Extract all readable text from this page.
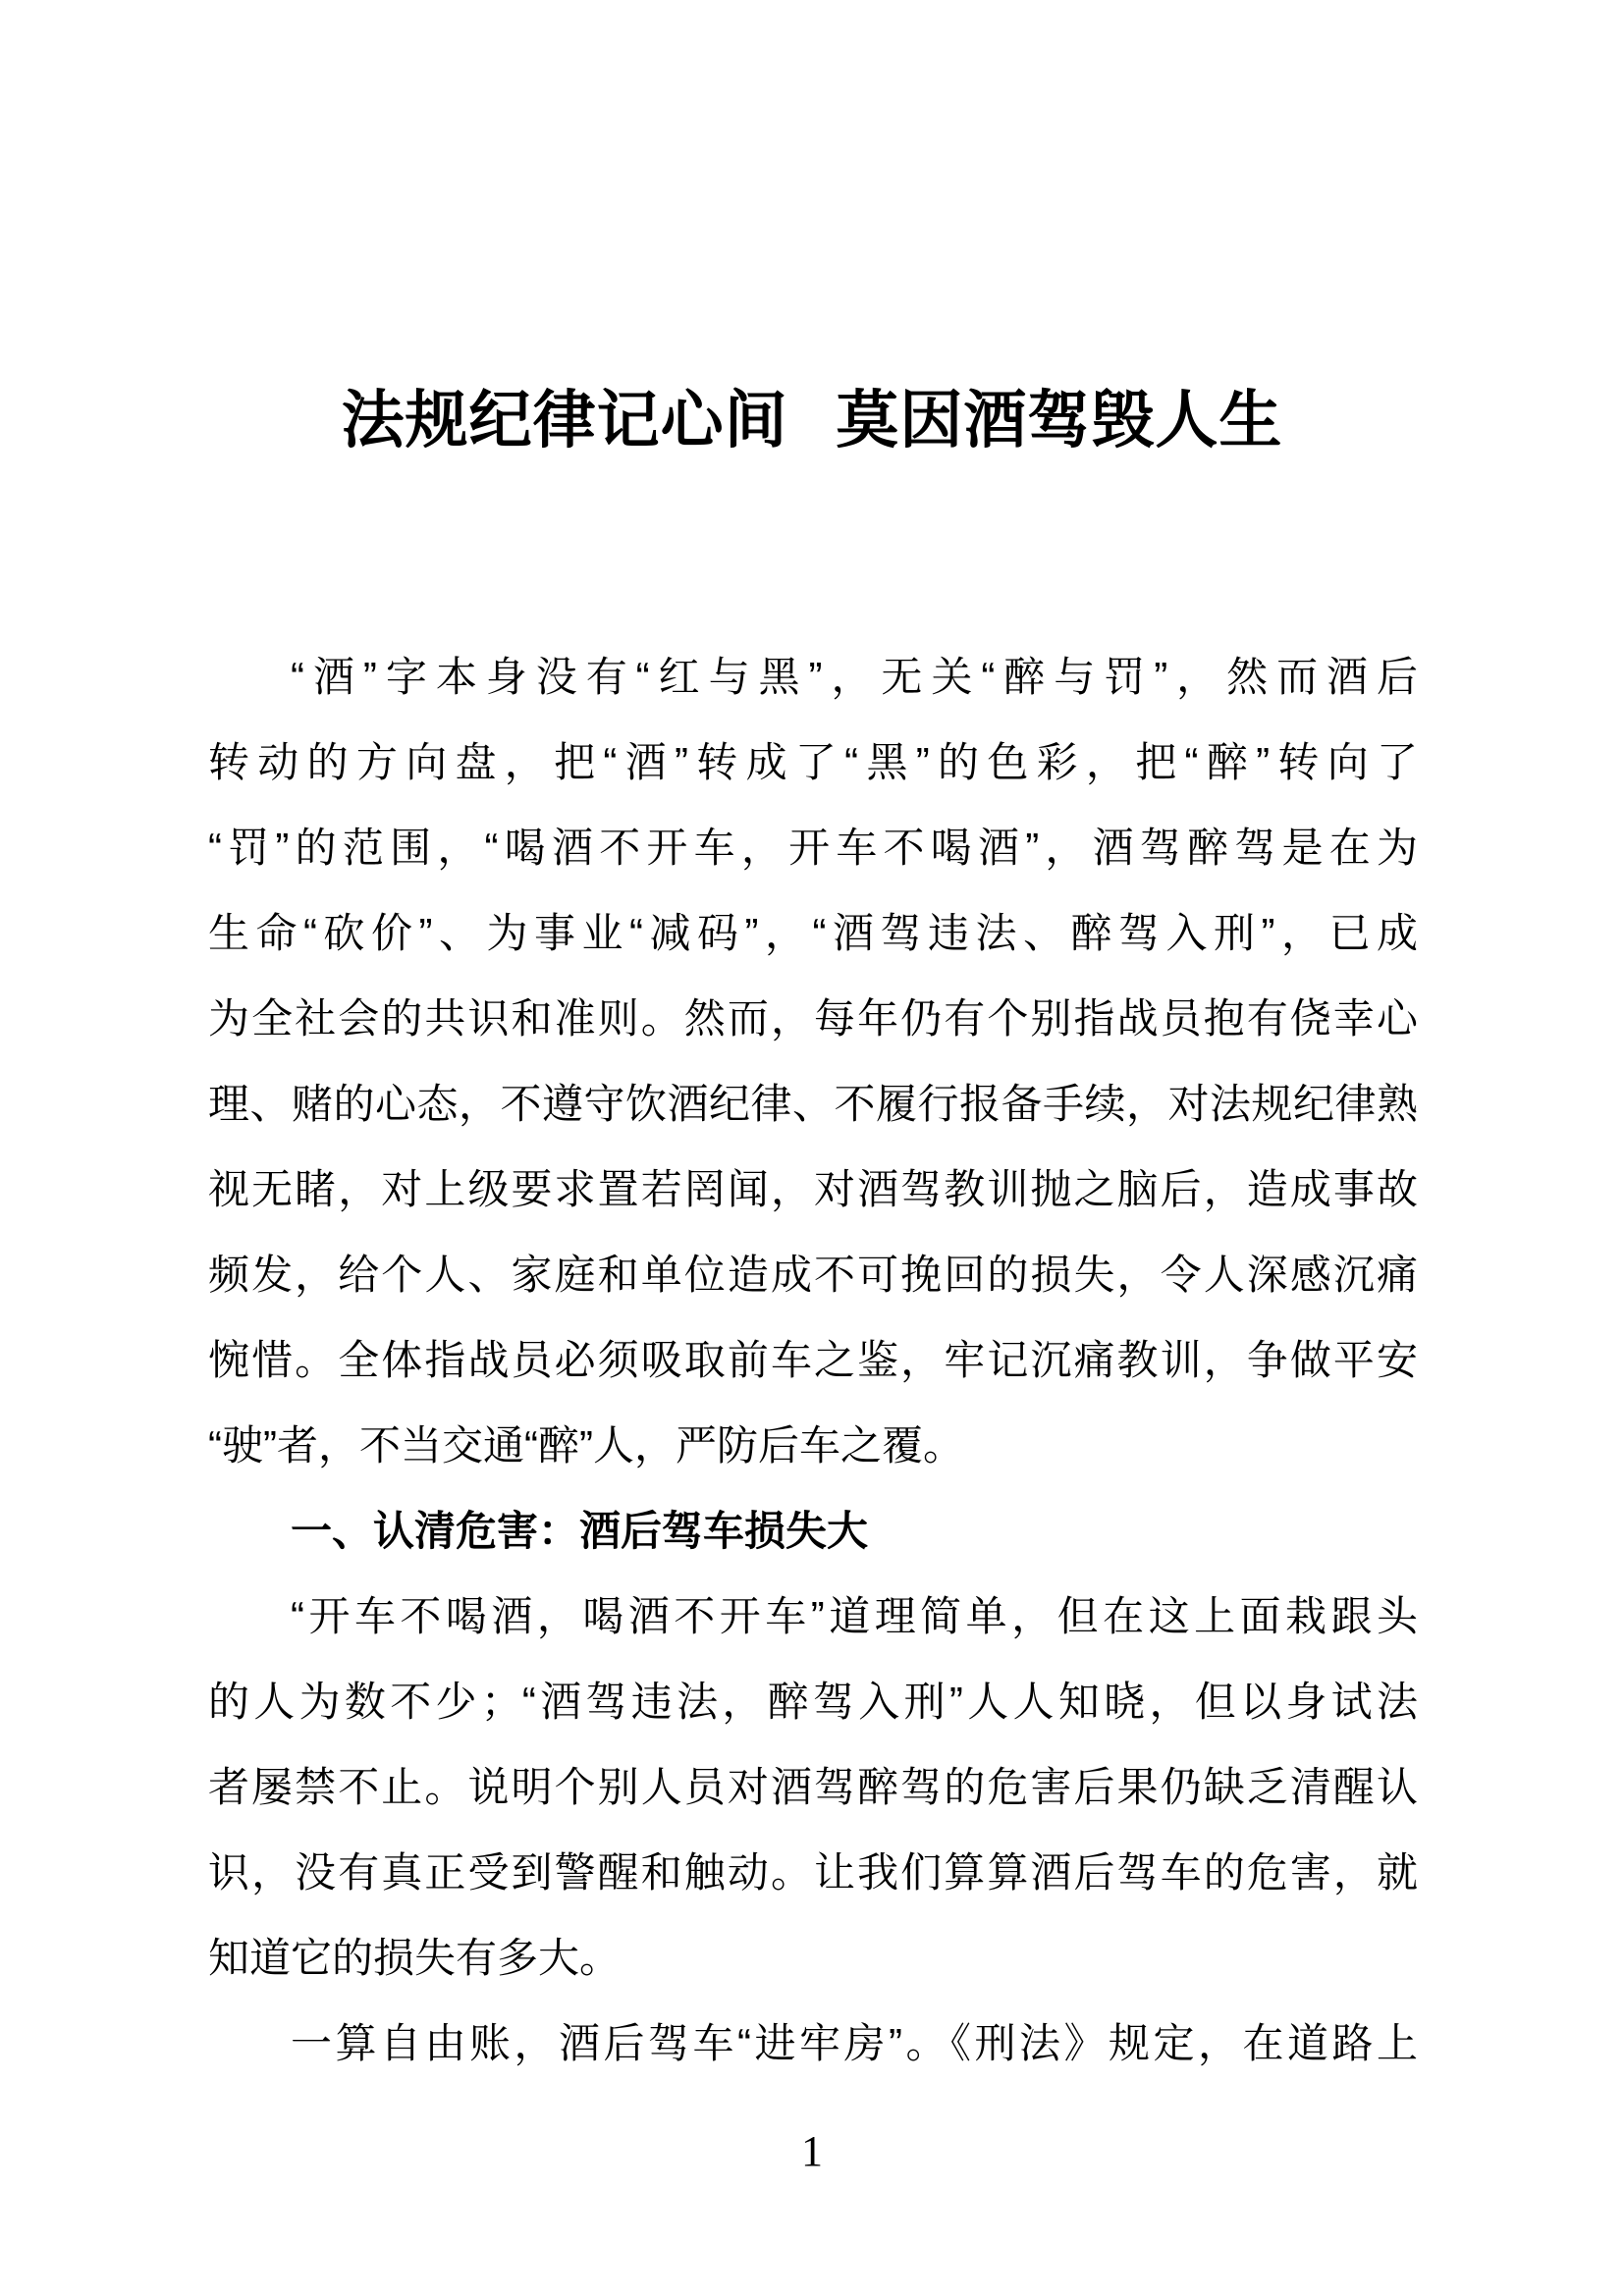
法规纪律记心间 莫因酒驾毁人生
“酒”字本身没有“红与黑”，无关“醉与罚”，然而酒后
转动的方向盘，把“酒”转成了“黑”的色彩，把“醉”转向了
“罚”的范围，“喝酒不开车，开车不喝酒”，酒驾醉驾是在为
生命“砍价”、为事业“减码”，“酒驾违法、醉驾入刑”，已成
为全社会的共识和准则。然而，每年仍有个别指战员抱有侥幸心
理、赌的心态，不遵守饮酒纪律、不履行报备手续，对法规纪律熟
视无睹，对上级要求置若罔闻，对酒驾教训抛之脑后，造成事故
频发，给个人、家庭和单位造成不可挽回的损失，令人深感沉痛
惋惜。全体指战员必须吸取前车之鉴，牢记沉痛教训，争做平安
“驶”者，不当交通“醉”人，严防后车之覆。
一、认清危害：酒后驾车损失大
“开车不喝酒，喝酒不开车”道理简单，但在这上面栽跟头
的人为数不少；“酒驾违法，醉驾入刑”人人知晓，但以身试法
者屡禁不止。说明个别人员对酒驾醉驾的危害后果仍缺乏清醒认
识，没有真正受到警醒和触动。让我们算算酒后驾车的危害，就
知道它的损失有多大。
一算自由账，酒后驾车“进牢房”。《刑法》规定，在道路上
1
